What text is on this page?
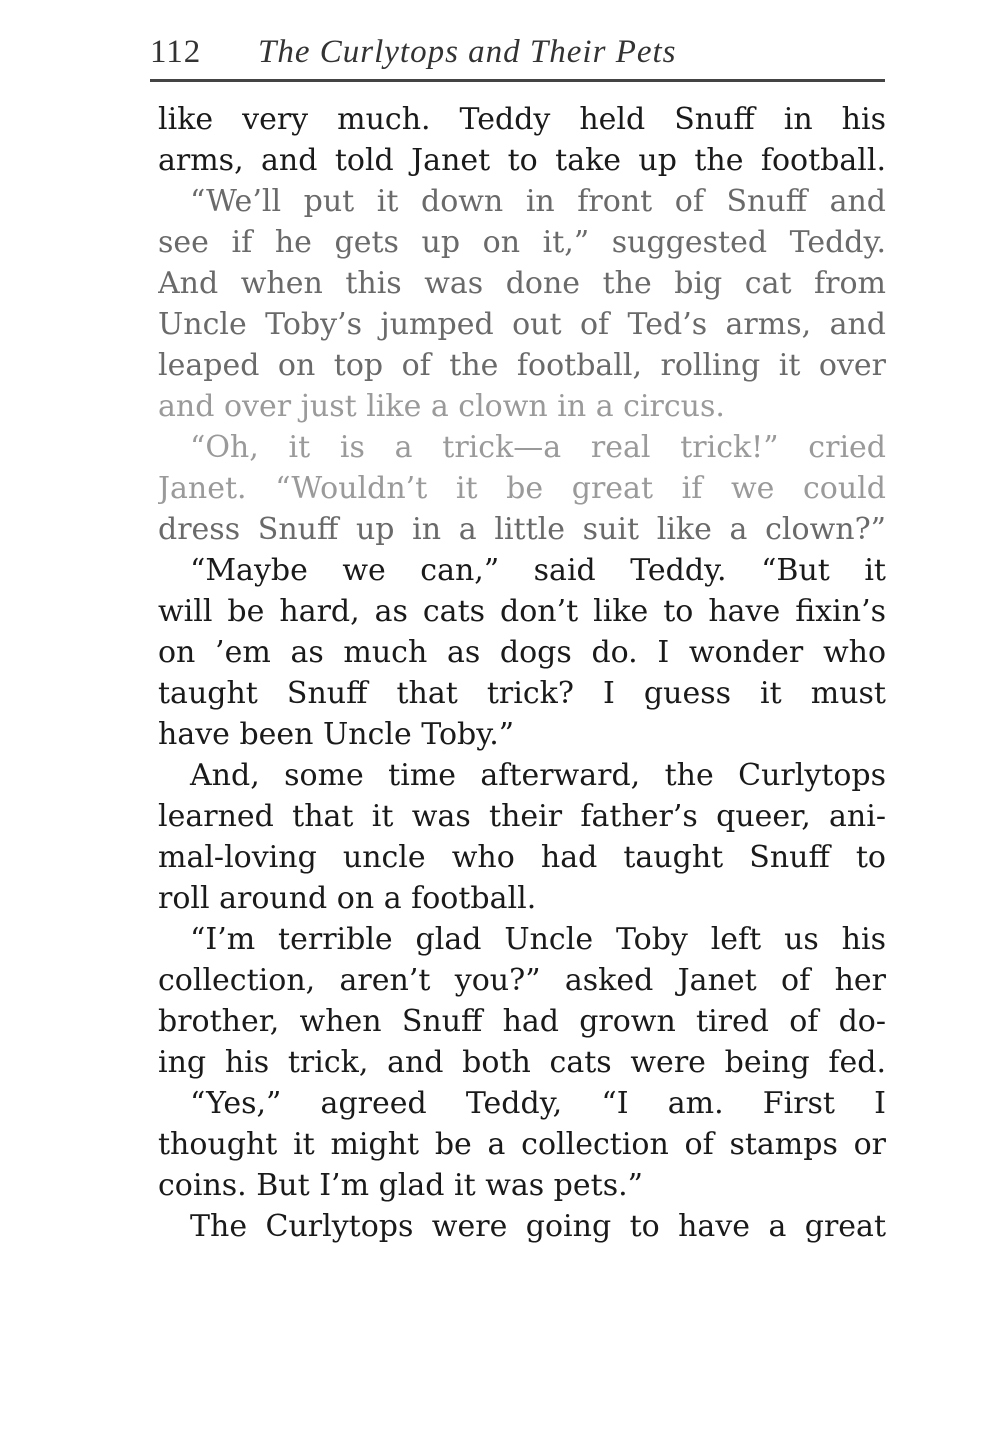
112 The Curlytops and Their Pets
like very much. Teddy held Snuff in his
arms, and told Janet to take up the football.
“We’ll put it down in front of Snuff and
see if he gets up on it,” suggested Teddy.
And when this was done the big cat from
Uncle Toby’s jumped out of Ted’s arms, and
leaped on top of the football, rolling it over
and over just like a clown in a circus.
“Oh, it is a trick—a real trick!” cried
Janet. “Wouldn’t it be great if we could
dress Snuff up in a little suit like a clown?”
“Maybe we can,” said Teddy. “But it
will be hard, as cats don’t like to have fixin’s
on ’em as much as dogs do. I wonder who
taught Snuff that trick? I guess it must
have been Uncle Toby.”
And, some time afterward, the Curlytops
learned that it was their father’s queer, ani-
mal-loving uncle who had taught Snuff to
roll around on a football.
“I’m terrible glad Uncle Toby left us his
collection, aren’t you?” asked Janet of her
brother, when Snuff had grown tired of do-
ing his trick, and both cats were being fed.
“Yes,” agreed Teddy, “I am. First I
thought it might be a collection of stamps or
coins. But I’m glad it was pets.”
The Curlytops were going to have a great
